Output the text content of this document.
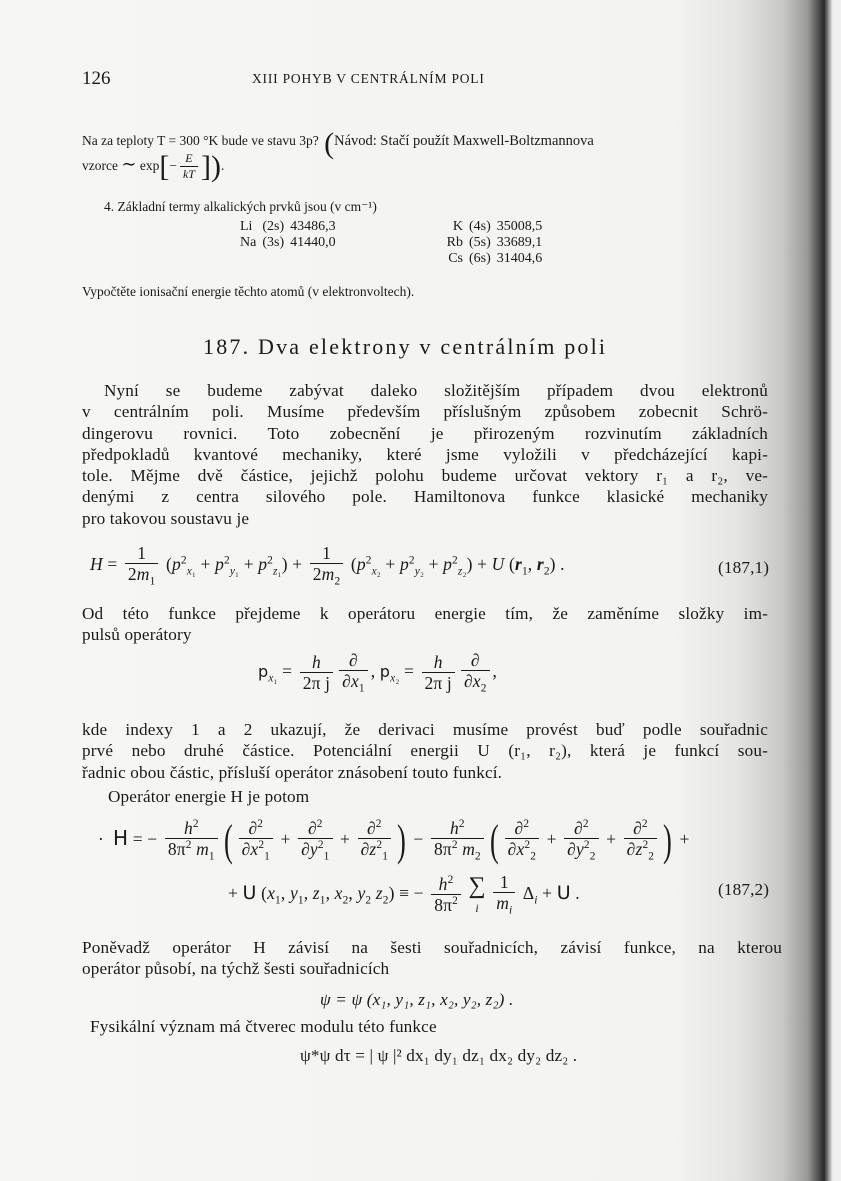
126	XIII POHYB V CENTRÁLNÍM POLI
Na za teploty T = 300 °K bude ve stavu 3p? (Návod: Stačí použít Maxwell-Boltzmannova
vzorce ∼ $\exp[- \frac{E}{kT}$ ]).
4. Základní termy alkalických prvků jsou (v cm⁻¹)
Li	(2s)	43486,3
Na	(3s)	41440,0
K	(4s)	35008,5
Rb	(5s)	33689,1
Cs	(6s)	31404,6
Vypočtěte ionisační energie těchto atomů (v elektronvoltech).
187. Dva elektrony v centrálním poli
Nyní se budeme zabývat daleko složitějším případem dvou elektronů
v centrálním poli. Musíme především příslušným způsobem zobecnit Schrö-
dingerovu rovnici. Toto zobecnění je přirozeným rozvinutím základních
předpokladů kvantové mechaniky, které jsme vyložili v předcházející kapi-
tole. Mějme dvě částice, jejichž polohu budeme určovat vektory r₁ a r₂, ve-
denými z centra silového pole. Hamiltonova funkce klasické mechaniky
pro takovou soustavu je
$H = \frac{1}{2m_1} (p^2_{x_1} + p^2_{y_1} + p^2_{z_1}) + \frac{1}{2m_2} (p^2_{x_2} + p^2_{y_2} + p^2_{z_2}) + U$ ($r_1$, $r_2$) .	(187,1)
Od této funkce přejdeme k operátoru energie tím, že zaměníme složky im-
pulsů operátory
$p_{x_1} = \frac{h}{\text{2π j}} \frac{\partial}{\partial x_1}$ , $p_{x_2} = \frac{h}{\text{2π j}} \frac{\partial}{\partial x_2}$ ,
kde indexy 1 a 2 ukazují, že derivaci musíme provést buď podle souřadnic
prvé nebo druhé částice. Potenciální energii U (r₁, r₂), která je funkcí sou-
řadnic obou částic, přísluší operátor znásobení touto funkcí.
Operátor energie H je potom
·  H = − $\frac{h^2}{8\pi^2 m_1}$ ( $\frac{\partial^2}{\partial x^2_1} + \frac{\partial^2}{\partial y^2_1} + \frac{\partial^2}{\partial z^2_1}$ ) − $\frac{h^2}{8\pi^2 m_2}$ ( $\frac{\partial^2}{\partial x^2_2} + \frac{\partial^2}{\partial y^2_2} + \frac{\partial^2}{\partial z^2_2}$ ) +
+ U ($x_1$, $y_1$, $z_1$, $x_2$, $y_2$ $z_2$) ≡ − $\frac{h^2}{8\pi^2}$
∑
i $\frac{1}{m_i} \Delta_i + U$ .	(187,2)
Poněvadž operátor H závisí na šesti souřadnicích, závisí funkce, na kterou
operátor působí, na týchž šesti souřadnicích
ψ = ψ (x₁, y₁, z₁, x₂, y₂, z₂) .
Fysikální význam má čtverec modulu této funkce
ψ*ψ dτ = | ψ |² dx₁ dy₁ dz₁ dx₂ dy₂ dz₂ .
